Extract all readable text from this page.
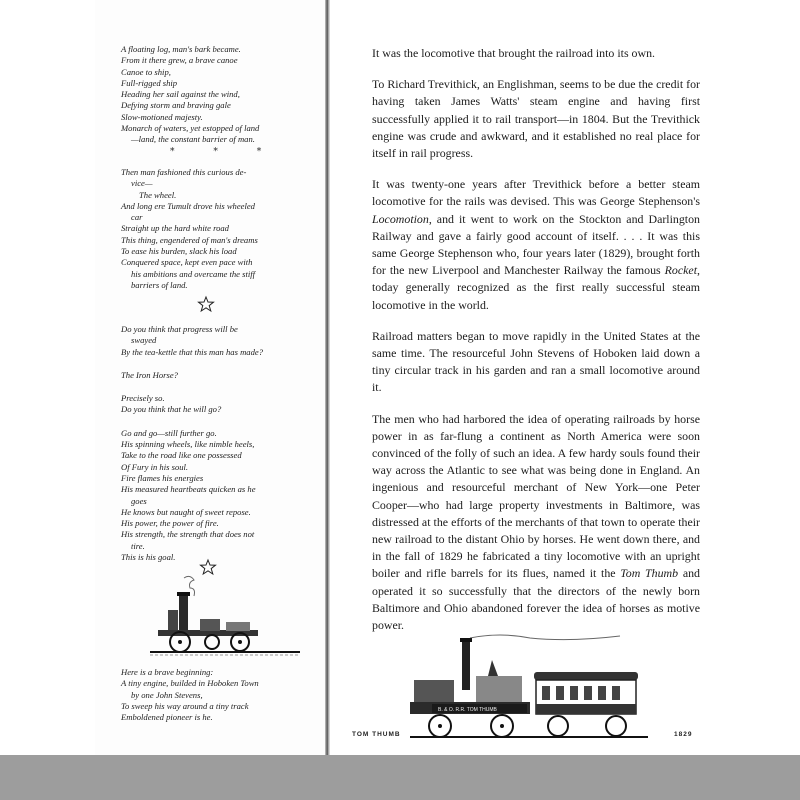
A floating log, man's bark became.
From it there grew, a brave canoe
Canoe to ship,
Full-rigged ship
Heading her sail against the wind,
Defying storm and braving gale
Slow-motioned majesty.
Monarch of waters, yet estopped of land
—land, the constant barrier of man.
* * *
Then man fashioned this curious de-
vice—
The wheel.
And long ere Tumult drove his wheeled
car
Straight up the hard white road
This thing, engendered of man's dreams
To ease his burden, slack his load
Conquered space, kept even pace with
his ambitions and overcame the stiff
barriers of land.
Do you think that progress will be
swayed
By the tea-kettle that this man has made?
The Iron Horse?
Precisely so.
Do you think that he will go?
Go and go—still further go.
His spinning wheels, like nimble heels,
Take to the road like one possessed
Of Fury in his soul.
Fire flames his energies
His measured heartbeats quicken as he
goes
He knows but naught of sweet repose.
His power, the power of fire.
His strength, the strength that does not
tire.
This is his goal.
Here is a brave beginning:
A tiny engine, builded in Hoboken Town
by one John Stevens,
To sweep his way around a tiny track
Emboldened pioneer is he.

It was the locomotive that brought the railroad into its own.

To Richard Trevithick, an Englishman, seems to be due the credit for having taken James Watts' steam engine and having first successfully applied it to rail transport—in 1804. But the Trevithick engine was crude and awkward, and it established no real place for itself in rail progress.

It was twenty-one years after Trevithick before a better steam locomotive for the rails was devised. This was George Stephenson's Locomotion, and it went to work on the Stockton and Darlington Railway and gave a fairly good account of itself. . . . It was this same George Stephenson who, four years later (1829), brought forth for the new Liverpool and Manchester Railway the famous Rocket, today generally recognized as the first really successful steam locomotive in the world.

Railroad matters began to move rapidly in the United States at the same time. The resourceful John Stevens of Hoboken laid down a tiny circular track in his garden and ran a small locomotive around it.

The men who had harbored the idea of operating railroads by horse power in as far-flung a continent as North America were soon convinced of the folly of such an idea. A few hardy souls found their way across the Atlantic to see what was being done in England. An ingenious and resourceful merchant of New York—one Peter Cooper—who had large property investments in Baltimore, was distressed at the efforts of the merchants of that town to operate their new railroad to the distant Ohio by horses. He went down there, and in the fall of 1829 he fabricated a tiny locomotive with an upright boiler and rifle barrels for its flues, named it the Tom Thumb and operated it so successfully that the directors of the newly born Baltimore and Ohio abandoned forever the idea of horses as motive power.

B. & O. R.R. TOM THUMB
TOM THUMB	1829
